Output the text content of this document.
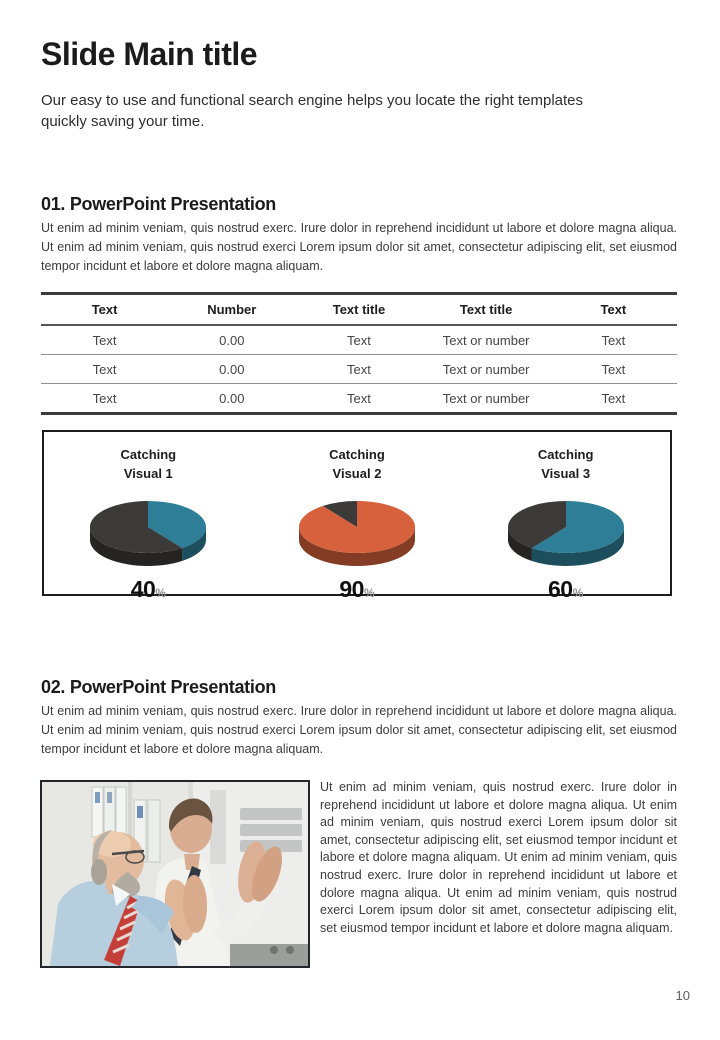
Slide Main title

Our easy to use and functional search engine helps you locate the right templates quickly saving your time.

01. PowerPoint Presentation

Ut enim ad minim veniam, quis nostrud exerc. Irure dolor in reprehend incididunt ut labore et dolore magna aliqua. Ut enim ad minim veniam, quis nostrud exerci Lorem ipsum dolor sit amet, consectetur adipiscing elit, set eiusmod tempor incidunt et labore et dolore magna aliquam.

Text	Number	Text title	Text title	Text
Text	0.00	Text	Text or number	Text
Text	0.00	Text	Text or number	Text
Text	0.00	Text	Text or number	Text
Catching
Visual 1
40%
Catching
Visual 2
90%
Catching
Visual 3
60%
02. PowerPoint Presentation

Ut enim ad minim veniam, quis nostrud exerc. Irure dolor in reprehend incididunt ut labore et dolore magna aliqua. Ut enim ad minim veniam, quis nostrud exerci Lorem ipsum dolor sit amet, consectetur adipiscing elit, set eiusmod tempor incidunt et labore et dolore magna aliquam.

Ut enim ad minim veniam, quis nostrud exerc. Irure dolor in reprehend incididunt ut labore et dolore magna aliqua. Ut enim ad minim veniam, quis nostrud exerci Lorem ipsum dolor sit amet, consectetur adipiscing elit, set eiusmod tempor incidunt et labore et dolore magna aliquam. Ut enim ad minim veniam, quis nostrud exerc. Irure dolor in reprehend incididunt ut labore et dolore magna aliqua. Ut enim ad minim veniam, quis nostrud exerci Lorem ipsum dolor sit amet, consectetur adipiscing elit, set eiusmod tempor incidunt et labore et dolore magna aliquam.

10
